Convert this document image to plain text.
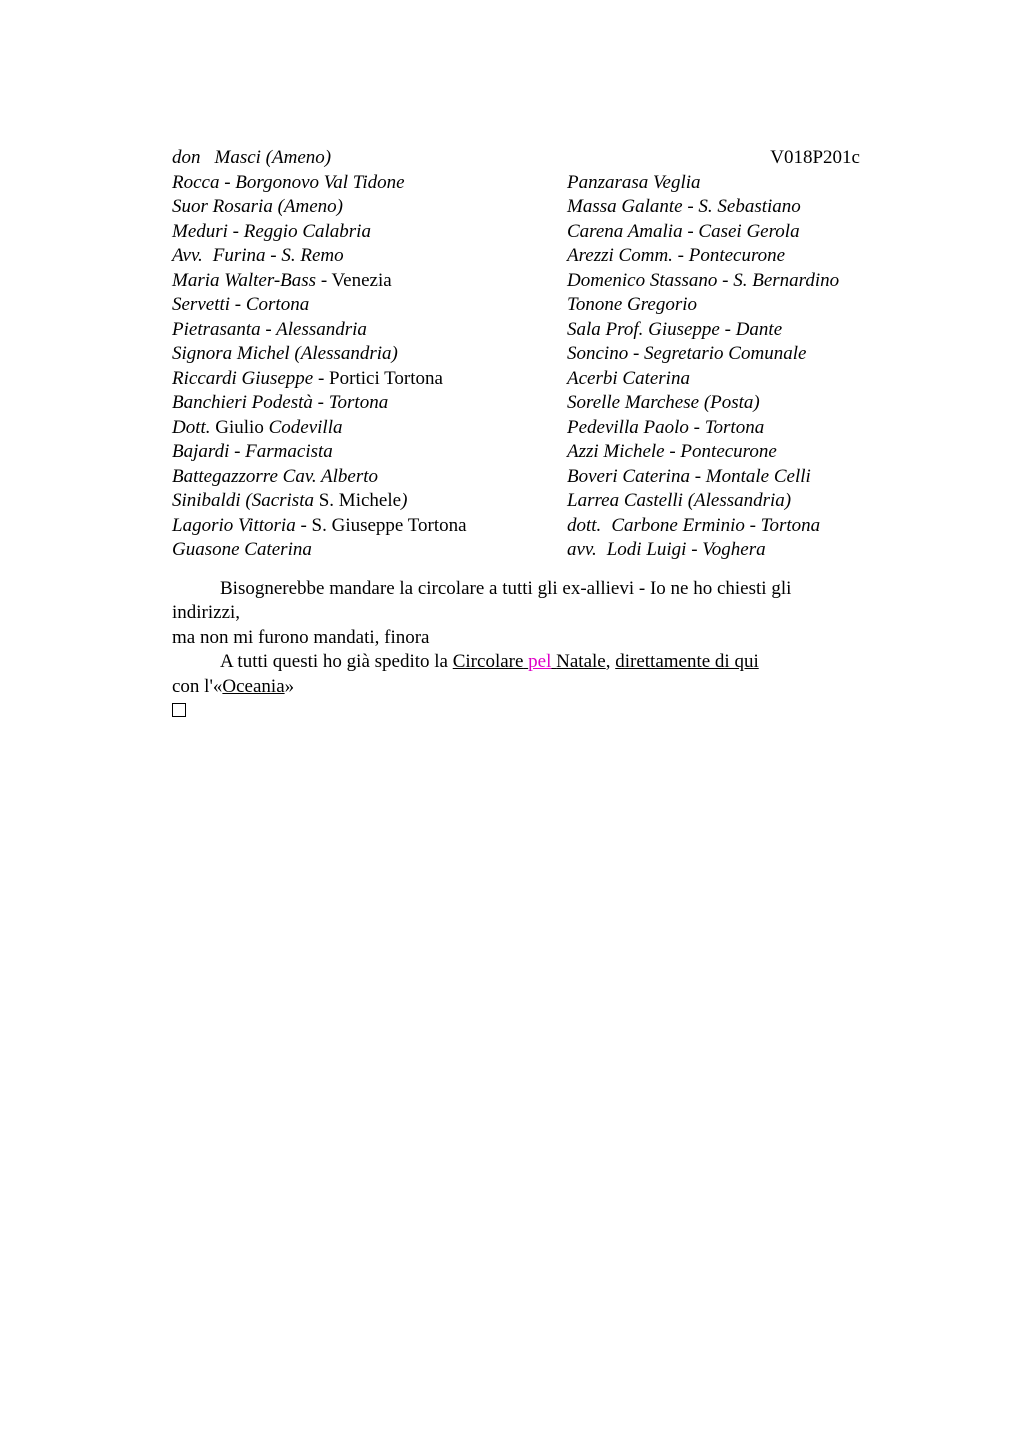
don Masci (Ameno)	V018P201c
Rocca - Borgonovo Val Tidone	Panzarasa Veglia
Suor Rosaria (Ameno)	Massa Galante - S. Sebastiano
Meduri - Reggio Calabria	Carena Amalia - Casei Gerola
Avv. Furina - S. Remo	Arezzi Comm. - Pontecurone
Maria Walter-Bass - Venezia	Domenico Stassano - S. Bernardino
Servetti - Cortona	Tonone Gregorio
Pietrasanta - Alessandria	Sala Prof. Giuseppe - Dante
Signora Michel (Alessandria)	Soncino - Segretario Comunale
Riccardi Giuseppe - Portici Tortona	Acerbi Caterina
Banchieri Podestà - Tortona	Sorelle Marchese (Posta)
Dott. Giulio Codevilla	Pedevilla Paolo - Tortona
Bajardi - Farmacista	Azzi Michele - Pontecurone
Battegazzorre Cav. Alberto	Boveri Caterina - Montale Celli
Sinibaldi (Sacrista S. Michele)	Larrea Castelli (Alessandria)
Lagorio Vittoria - S. Giuseppe Tortona	dott. Carbone Erminio - Tortona
Guasone Caterina	avv. Lodi Luigi - Voghera

Bisognerebbe mandare la circolare a tutti gli ex-allievi - Io ne ho chiesti gli

indirizzi,

ma non mi furono mandati, finora

A tutti questi ho già spedito la Circolare pel Natale, direttamente di qui

con l'«Oceania»
